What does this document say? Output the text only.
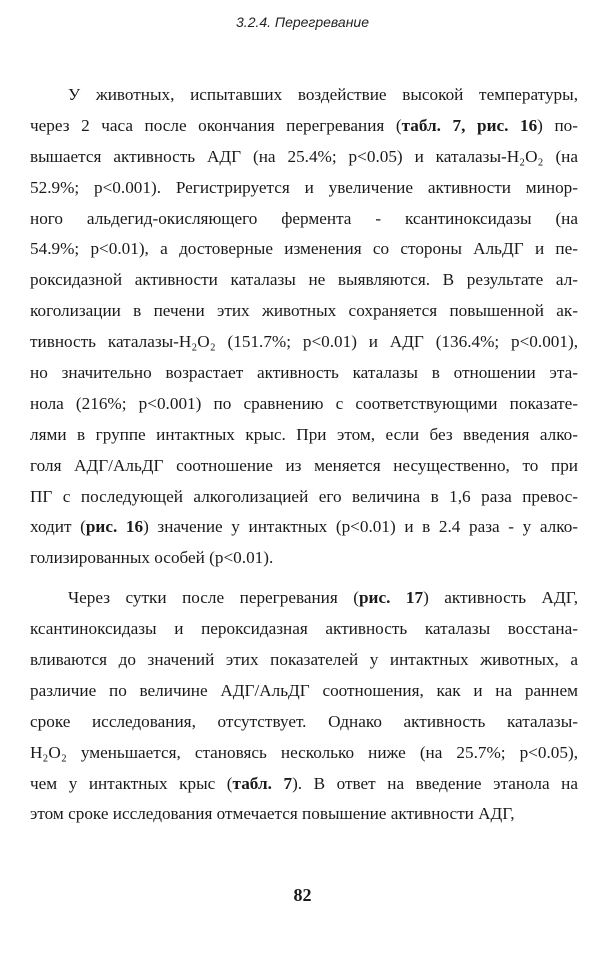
3.2.4. Перегревание

У животных, испытавших воздействие высокой температуры,
через 2 часа после окончания перегревания (табл. 7, рис. 16) по-
вышается активность АДГ (на 25.4%; p<0.05) и каталазы-H₂O₂ (на
52.9%; p<0.001). Регистрируется и увеличение активности минор-
ного альдегид-окисляющего фермента - ксантиноксидазы (на
54.9%; p<0.01), а достоверные изменения со стороны АльДГ и пе-
роксидазной активности каталазы не выявляются. В результате ал-
коголизации в печени этих животных сохраняется повышенной ак-
тивность каталазы-H₂O₂ (151.7%; p<0.01) и АДГ (136.4%; p<0.001),
но значительно возрастает активность каталазы в отношении эта-
нола (216%; p<0.001) по сравнению с соответствующими показате-
лями в группе интактных крыс. При этом, если без введения алко-
голя АДГ/АльДГ соотношение из меняется несущественно, то при
ПГ с последующей алкоголизацией его величина в 1,6 раза превос-
ходит (рис. 16) значение у интактных (p<0.01) и в 2.4 раза - у алко-
голизированных особей (p<0.01).

Через сутки после перегревания (рис. 17) активность АДГ,
ксантиноксидазы и пероксидазная активность каталазы восстана-
вливаются до значений этих показателей у интактных животных, а
различие по величине АДГ/АльДГ соотношения, как и на раннем
сроке исследования, отсутствует. Однако активность каталазы-
H₂O₂ уменьшается, становясь несколько ниже (на 25.7%; p<0.05),
чем у интактных крыс (табл. 7). В ответ на введение этанола на
этом сроке исследования отмечается повышение активности АДГ,

82
